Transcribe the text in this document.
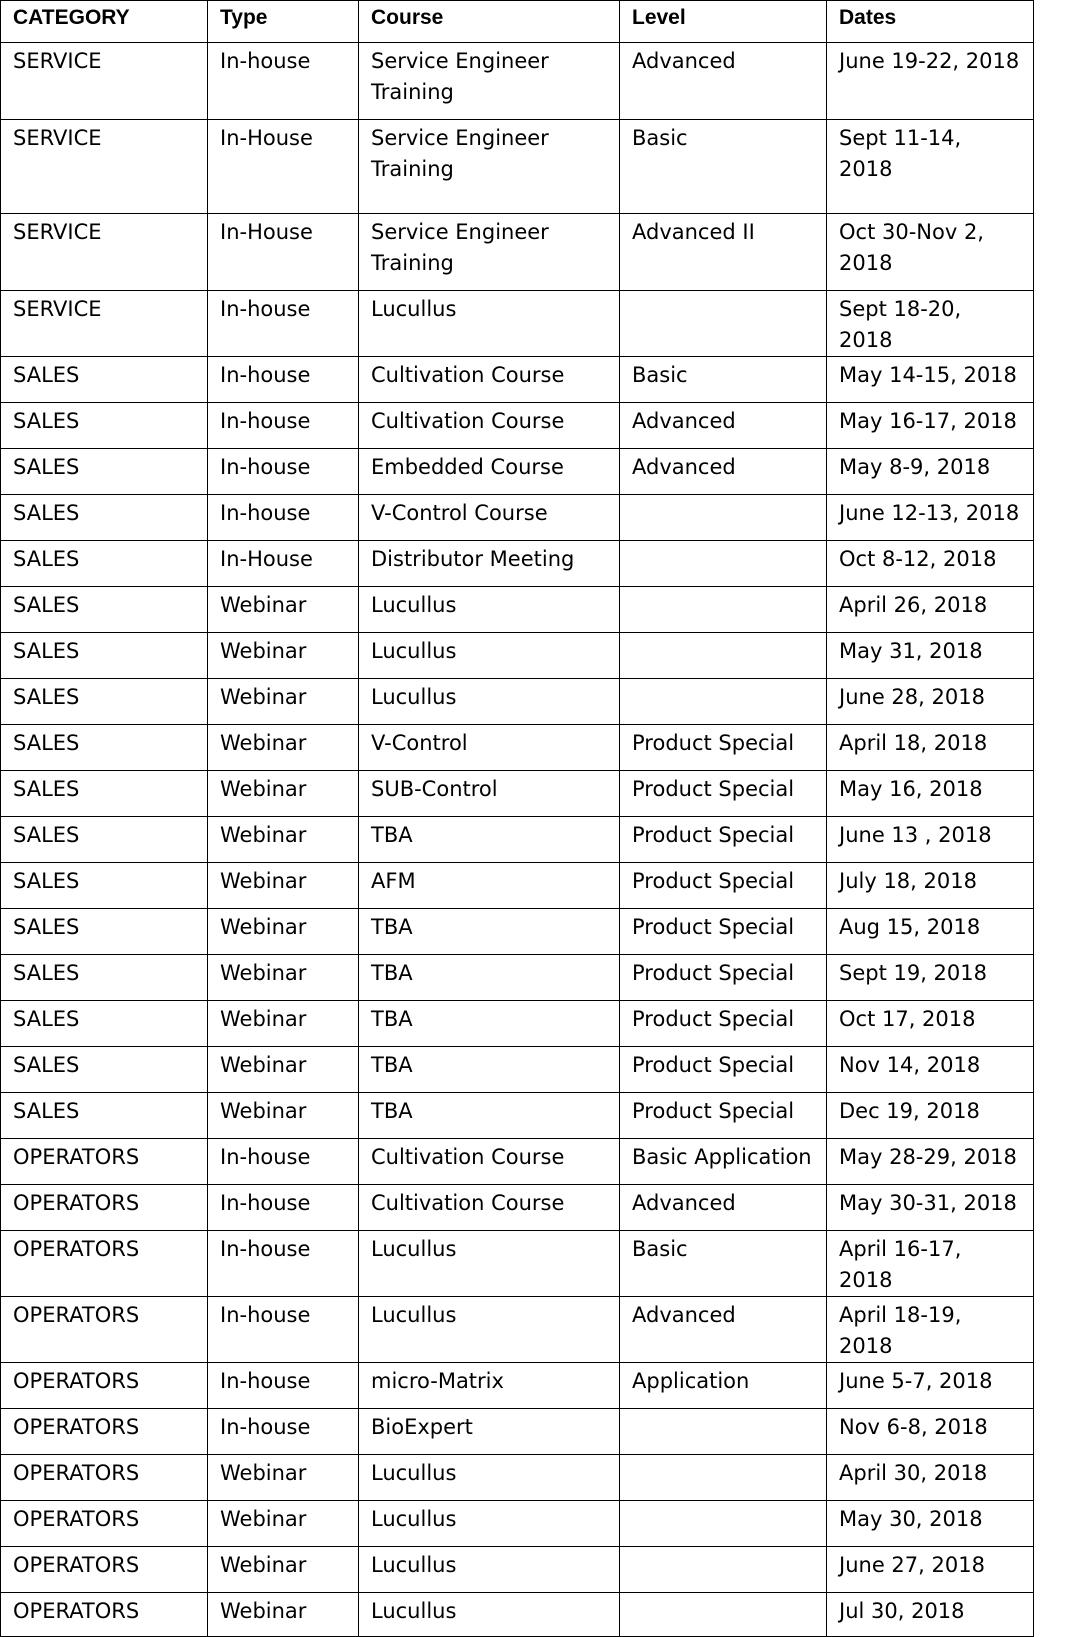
CATEGORY	Type	Course	Level	Dates
SERVICE	In-house	Service Engineer Training	Advanced	June 19-22, 2018
SERVICE	In-House	Service Engineer Training	Basic	Sept 11-14, 2018
SERVICE	In-House	Service Engineer Training	Advanced II	Oct 30-Nov 2, 2018
SERVICE	In-house	Lucullus		Sept 18-20, 2018
SALES	In-house	Cultivation Course	Basic	May 14-15, 2018
SALES	In-house	Cultivation Course	Advanced	May 16-17, 2018
SALES	In-house	Embedded Course	Advanced	May 8-9, 2018
SALES	In-house	V-Control Course		June 12-13, 2018
SALES	In-House	Distributor Meeting		Oct 8-12, 2018
SALES	Webinar	Lucullus		April 26, 2018
SALES	Webinar	Lucullus		May 31, 2018
SALES	Webinar	Lucullus		June 28, 2018
SALES	Webinar	V-Control	Product Special	April 18, 2018
SALES	Webinar	SUB-Control	Product Special	May 16, 2018
SALES	Webinar	TBA	Product Special	June 13 , 2018
SALES	Webinar	AFM	Product Special	July 18, 2018
SALES	Webinar	TBA	Product Special	Aug 15, 2018
SALES	Webinar	TBA	Product Special	Sept 19, 2018
SALES	Webinar	TBA	Product Special	Oct 17, 2018
SALES	Webinar	TBA	Product Special	Nov 14, 2018
SALES	Webinar	TBA	Product Special	Dec 19, 2018
OPERATORS	In-house	Cultivation Course	Basic Application	May 28-29, 2018
OPERATORS	In-house	Cultivation Course	Advanced	May 30-31, 2018
OPERATORS	In-house	Lucullus	Basic	April 16-17, 2018
OPERATORS	In-house	Lucullus	Advanced	April 18-19, 2018
OPERATORS	In-house	micro-Matrix	Application	June 5-7, 2018
OPERATORS	In-house	BioExpert		Nov 6-8, 2018
OPERATORS	Webinar	Lucullus		April 30, 2018
OPERATORS	Webinar	Lucullus		May 30, 2018
OPERATORS	Webinar	Lucullus		June 27, 2018
OPERATORS	Webinar	Lucullus		Jul 30, 2018
